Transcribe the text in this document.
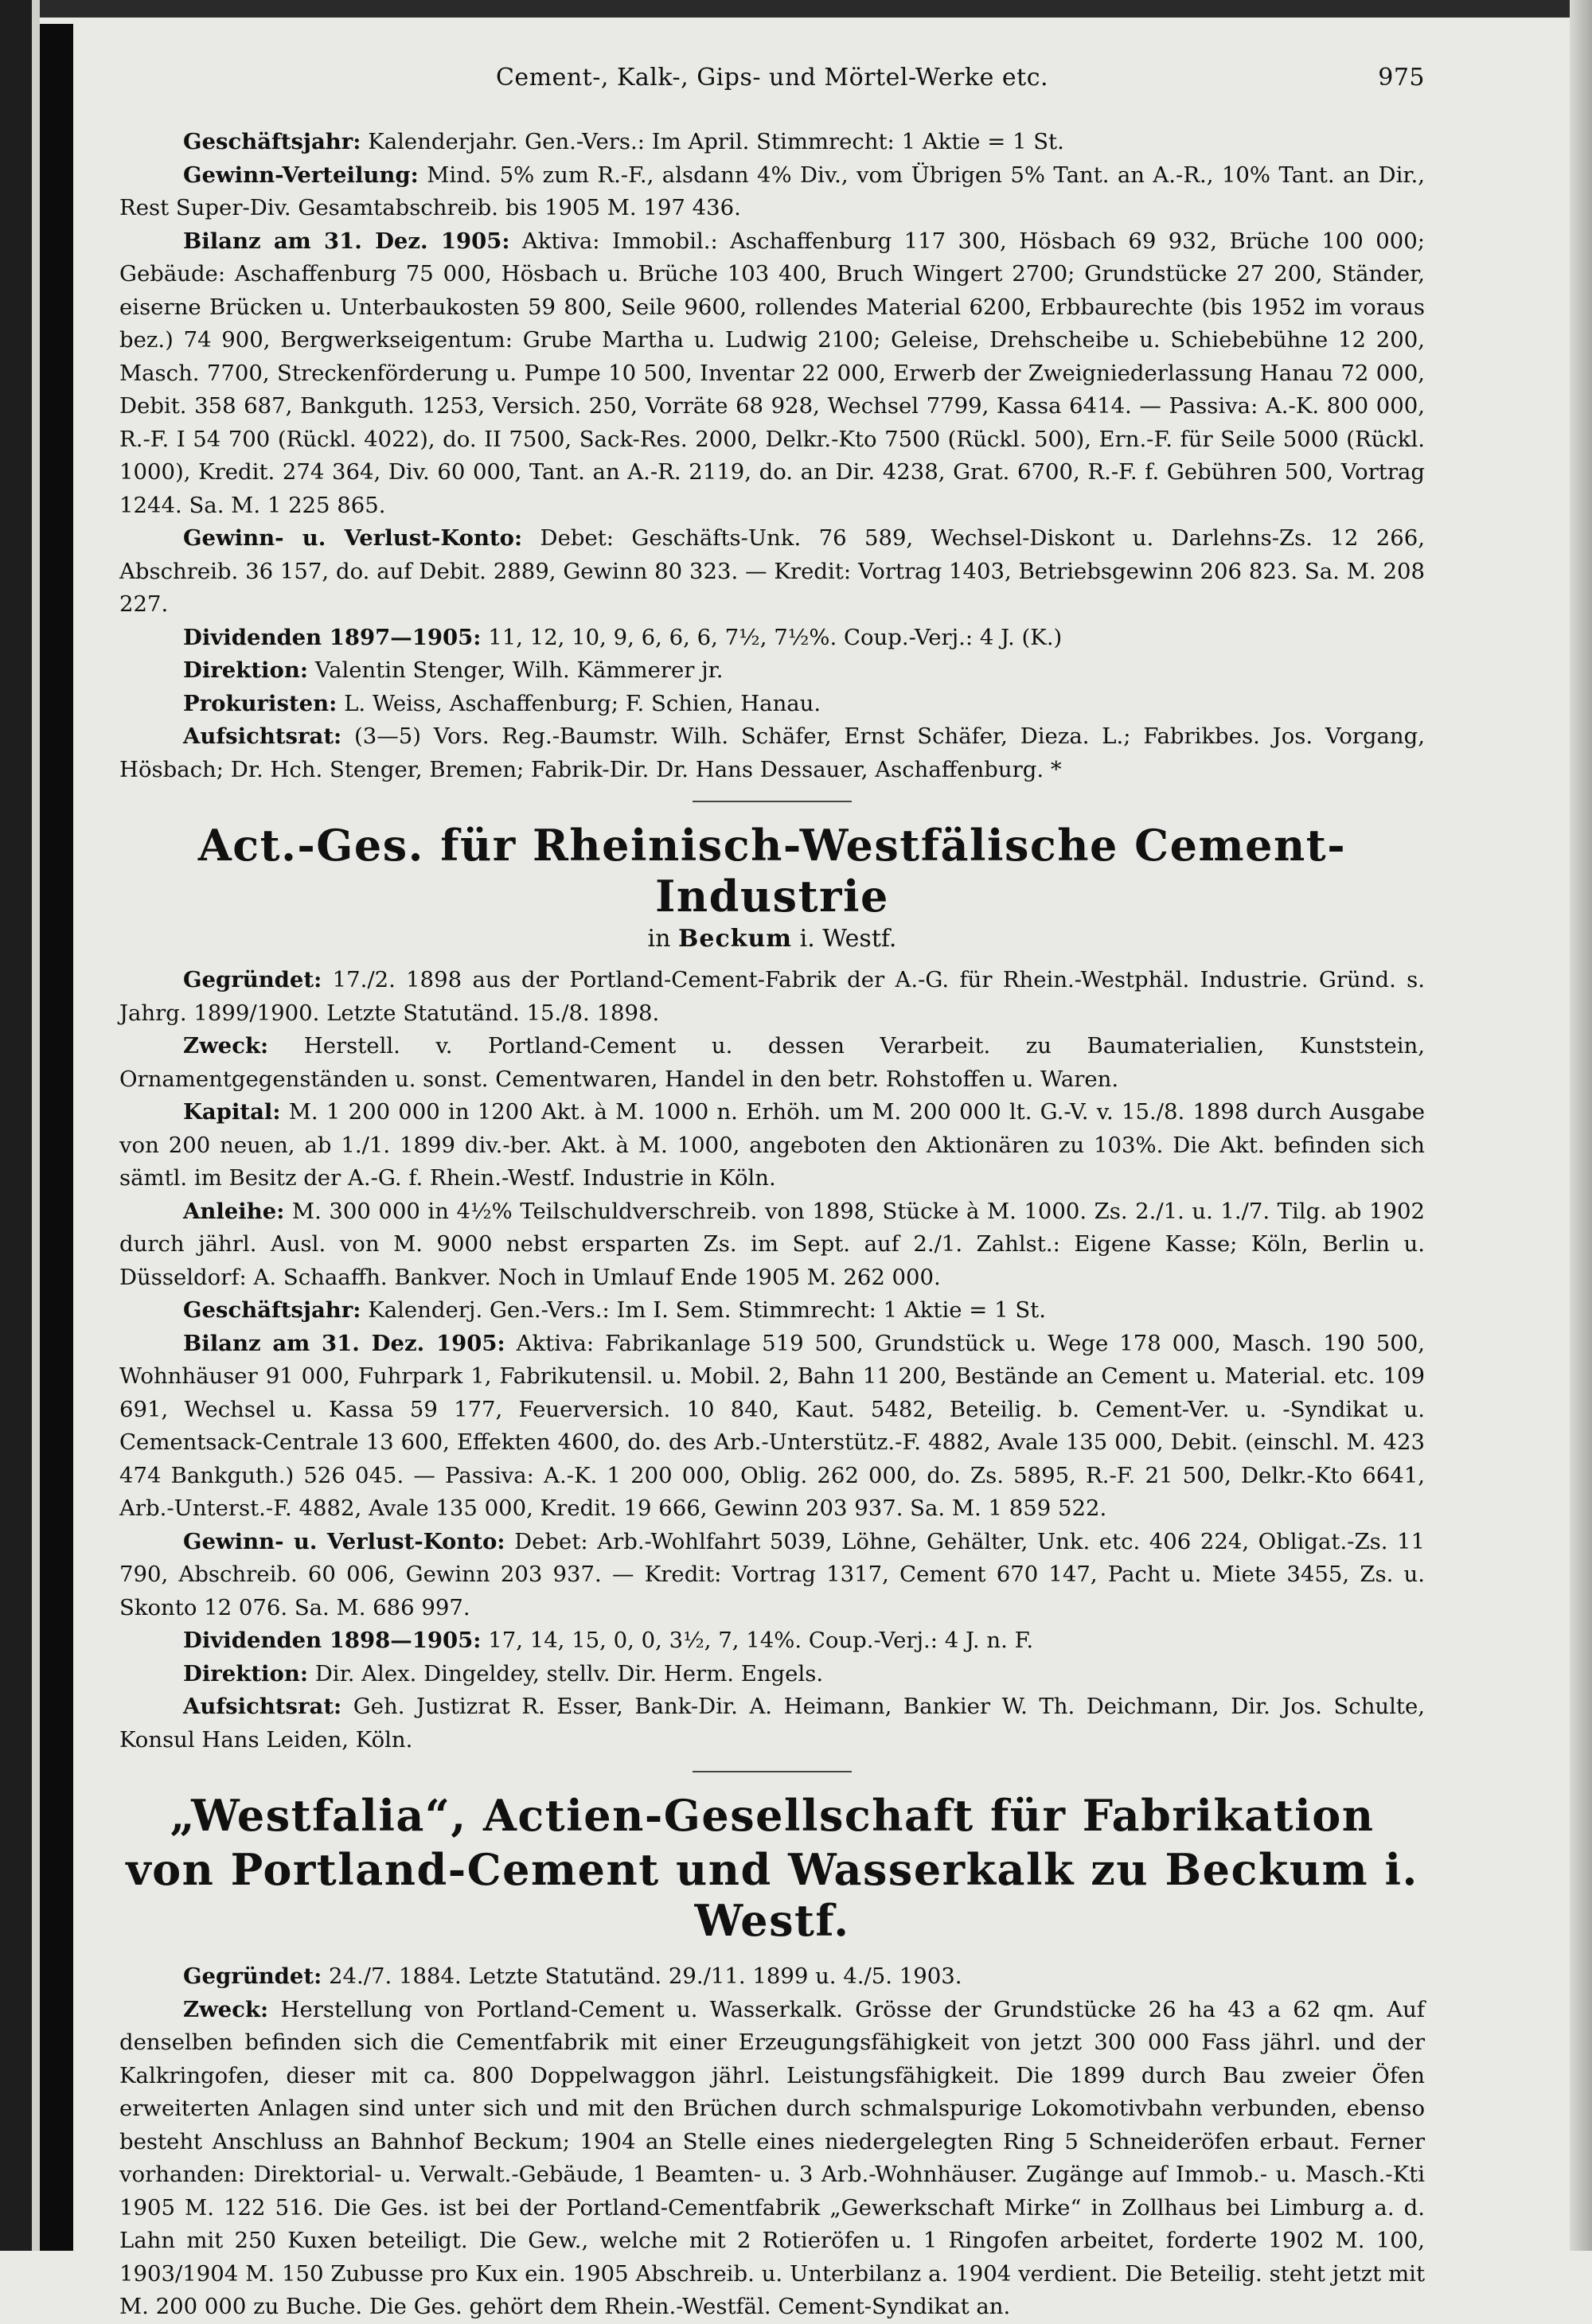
Cement-, Kalk-, Gips- und Mörtel-Werke etc.	975

Geschäftsjahr: Kalenderjahr. Gen.-Vers.: Im April. Stimmrecht: 1 Aktie = 1 St.

Gewinn-Verteilung: Mind. 5% zum R.-F., alsdann 4% Div., vom Übrigen 5% Tant. an A.-R., 10% Tant. an Dir., Rest Super-Div. Gesamtabschreib. bis 1905 M. 197 436.

Bilanz am 31. Dez. 1905: Aktiva: Immobil.: Aschaffenburg 117 300, Hösbach 69 932, Brüche 100 000; Gebäude: Aschaffenburg 75 000, Hösbach u. Brüche 103 400, Bruch Wingert 2700; Grundstücke 27 200, Ständer, eiserne Brücken u. Unterbaukosten 59 800, Seile 9600, rollendes Material 6200, Erbbaurechte (bis 1952 im voraus bez.) 74 900, Bergwerkseigentum: Grube Martha u. Ludwig 2100; Geleise, Drehscheibe u. Schiebebühne 12 200, Masch. 7700, Streckenförderung u. Pumpe 10 500, Inventar 22 000, Erwerb der Zweigniederlassung Hanau 72 000, Debit. 358 687, Bankguth. 1253, Versich. 250, Vorräte 68 928, Wechsel 7799, Kassa 6414. — Passiva: A.-K. 800 000, R.-F. I 54 700 (Rückl. 4022), do. II 7500, Sack-Res. 2000, Delkr.-Kto 7500 (Rückl. 500), Ern.-F. für Seile 5000 (Rückl. 1000), Kredit. 274 364, Div. 60 000, Tant. an A.-R. 2119, do. an Dir. 4238, Grat. 6700, R.-F. f. Gebühren 500, Vortrag 1244. Sa. M. 1 225 865.

Gewinn- u. Verlust-Konto: Debet: Geschäfts-Unk. 76 589, Wechsel-Diskont u. Darlehns-Zs. 12 266, Abschreib. 36 157, do. auf Debit. 2889, Gewinn 80 323. — Kredit: Vortrag 1403, Betriebsgewinn 206 823. Sa. M. 208 227.

Dividenden 1897—1905: 11, 12, 10, 9, 6, 6, 6, 7½, 7½%. Coup.-Verj.: 4 J. (K.)

Direktion: Valentin Stenger, Wilh. Kämmerer jr.

Prokuristen: L. Weiss, Aschaffenburg; F. Schien, Hanau.

Aufsichtsrat: (3—5) Vors. Reg.-Baumstr. Wilh. Schäfer, Ernst Schäfer, Dieza. L.; Fabrikbes. Jos. Vorgang, Hösbach; Dr. Hch. Stenger, Bremen; Fabrik-Dir. Dr. Hans Dessauer, Aschaffenburg. *

Act.-Ges. für Rheinisch-Westfälische Cement-Industrie
in Beckum i. Westf.

Gegründet: 17./2. 1898 aus der Portland-Cement-Fabrik der A.-G. für Rhein.-Westphäl. Industrie. Gründ. s. Jahrg. 1899/1900. Letzte Statutänd. 15./8. 1898.

Zweck: Herstell. v. Portland-Cement u. dessen Verarbeit. zu Baumaterialien, Kunststein, Ornamentgegenständen u. sonst. Cementwaren, Handel in den betr. Rohstoffen u. Waren.

Kapital: M. 1 200 000 in 1200 Akt. à M. 1000 n. Erhöh. um M. 200 000 lt. G.-V. v. 15./8. 1898 durch Ausgabe von 200 neuen, ab 1./1. 1899 div.-ber. Akt. à M. 1000, angeboten den Aktionären zu 103%. Die Akt. befinden sich sämtl. im Besitz der A.-G. f. Rhein.-Westf. Industrie in Köln.

Anleihe: M. 300 000 in 4½% Teilschuldverschreib. von 1898, Stücke à M. 1000. Zs. 2./1. u. 1./7. Tilg. ab 1902 durch jährl. Ausl. von M. 9000 nebst ersparten Zs. im Sept. auf 2./1. Zahlst.: Eigene Kasse; Köln, Berlin u. Düsseldorf: A. Schaaffh. Bankver. Noch in Umlauf Ende 1905 M. 262 000.

Geschäftsjahr: Kalenderj. Gen.-Vers.: Im I. Sem. Stimmrecht: 1 Aktie = 1 St.

Bilanz am 31. Dez. 1905: Aktiva: Fabrikanlage 519 500, Grundstück u. Wege 178 000, Masch. 190 500, Wohnhäuser 91 000, Fuhrpark 1, Fabrikutensil. u. Mobil. 2, Bahn 11 200, Bestände an Cement u. Material. etc. 109 691, Wechsel u. Kassa 59 177, Feuerversich. 10 840, Kaut. 5482, Beteilig. b. Cement-Ver. u. -Syndikat u. Cementsack-Centrale 13 600, Effekten 4600, do. des Arb.-Unterstütz.-F. 4882, Avale 135 000, Debit. (einschl. M. 423 474 Bankguth.) 526 045. — Passiva: A.-K. 1 200 000, Oblig. 262 000, do. Zs. 5895, R.-F. 21 500, Delkr.-Kto 6641, Arb.-Unterst.-F. 4882, Avale 135 000, Kredit. 19 666, Gewinn 203 937. Sa. M. 1 859 522.

Gewinn- u. Verlust-Konto: Debet: Arb.-Wohlfahrt 5039, Löhne, Gehälter, Unk. etc. 406 224, Obligat.-Zs. 11 790, Abschreib. 60 006, Gewinn 203 937. — Kredit: Vortrag 1317, Cement 670 147, Pacht u. Miete 3455, Zs. u. Skonto 12 076. Sa. M. 686 997.

Dividenden 1898—1905: 17, 14, 15, 0, 0, 3½, 7, 14%. Coup.-Verj.: 4 J. n. F.

Direktion: Dir. Alex. Dingeldey, stellv. Dir. Herm. Engels.

Aufsichtsrat: Geh. Justizrat R. Esser, Bank-Dir. A. Heimann, Bankier W. Th. Deichmann, Dir. Jos. Schulte, Konsul Hans Leiden, Köln.

„Westfalia“, Actien-Gesellschaft für Fabrikation
von Portland-Cement und Wasserkalk zu Beckum i. Westf.

Gegründet: 24./7. 1884. Letzte Statutänd. 29./11. 1899 u. 4./5. 1903.

Zweck: Herstellung von Portland-Cement u. Wasserkalk. Grösse der Grundstücke 26 ha 43 a 62 qm. Auf denselben befinden sich die Cementfabrik mit einer Erzeugungsfähigkeit von jetzt 300 000 Fass jährl. und der Kalkringofen, dieser mit ca. 800 Doppelwaggon jährl. Leistungsfähigkeit. Die 1899 durch Bau zweier Öfen erweiterten Anlagen sind unter sich und mit den Brüchen durch schmalspurige Lokomotivbahn verbunden, ebenso besteht Anschluss an Bahnhof Beckum; 1904 an Stelle eines niedergelegten Ring 5 Schneideröfen erbaut. Ferner vorhanden: Direktorial- u. Verwalt.-Gebäude, 1 Beamten- u. 3 Arb.-Wohnhäuser. Zugänge auf Immob.- u. Masch.-Kti 1905 M. 122 516. Die Ges. ist bei der Portland-Cementfabrik „Gewerkschaft Mirke“ in Zollhaus bei Limburg a. d. Lahn mit 250 Kuxen beteiligt. Die Gew., welche mit 2 Rotieröfen u. 1 Ringofen arbeitet, forderte 1902 M. 100, 1903/1904 M. 150 Zubusse pro Kux ein. 1905 Abschreib. u. Unterbilanz a. 1904 verdient. Die Beteilig. steht jetzt mit M. 200 000 zu Buche. Die Ges. gehört dem Rhein.-Westfäl. Cement-Syndikat an.
